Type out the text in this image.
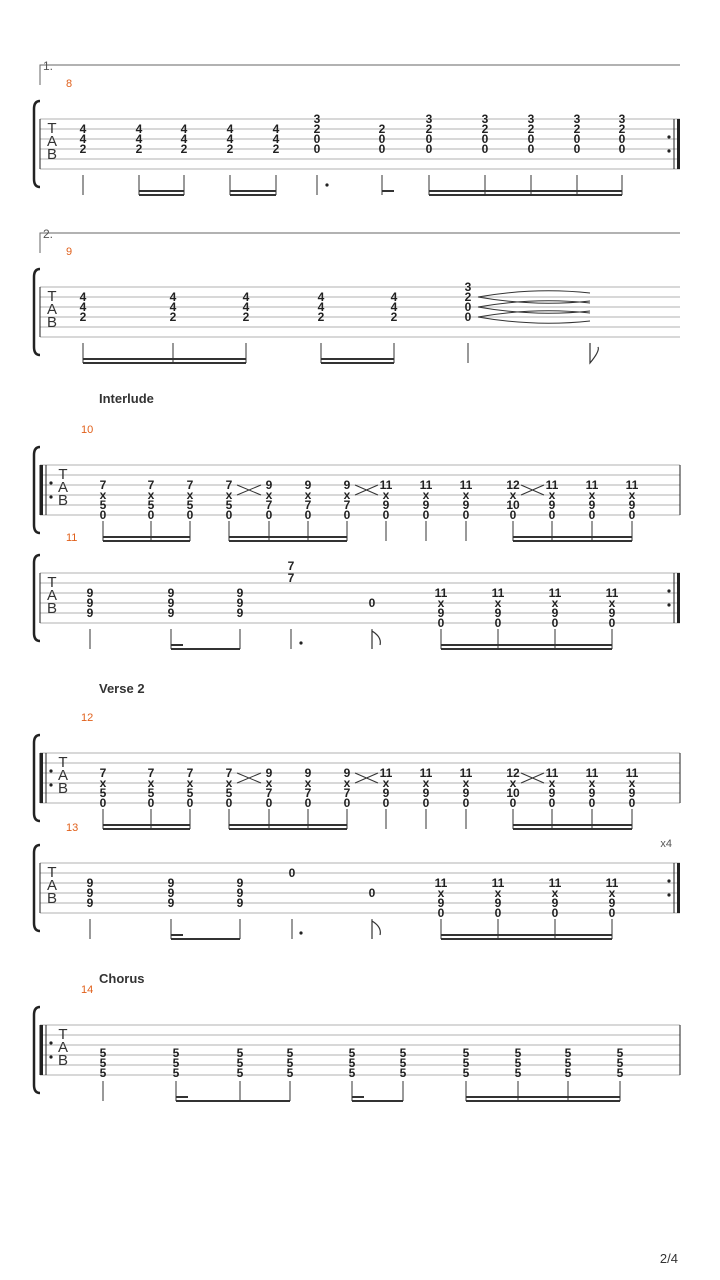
T
A
B
8
1.
4
4
2
4
4
2
4
4
2
4
4
2
4
4
2
3
2
0
0
2
0
0
3
2
0
0
3
2
0
0
3
2
0
0
3
2
0
0
3
2
0
0
T
A
B
9
2.
4
4
2
4
4
2
4
4
2
4
4
2
4
4
2
3
2
0
0
T
A
B
10
Interlude
7
x
5
0
7
x
5
0
7
x
5
0
7
x
5
0
9
x
7
0
9
x
7
0
9
x
7
0
11
x
9
0
11
x
9
0
11
x
9
0
12
x
10
0
11
x
9
0
11
x
9
0
11
x
9
0
T
A
B
11
9
9
9
9
9
9
9
9
9
7
7
0
11
x
9
0
11
x
9
0
11
x
9
0
11
x
9
0
T
A
B
12
Verse 2
7
x
5
0
7
x
5
0
7
x
5
0
7
x
5
0
9
x
7
0
9
x
7
0
9
x
7
0
11
x
9
0
11
x
9
0
11
x
9
0
12
x
10
0
11
x
9
0
11
x
9
0
11
x
9
0
T
A
B
13
x4
9
9
9
9
9
9
9
9
9
0
0
11
x
9
0
11
x
9
0
11
x
9
0
11
x
9
0
T
A
B
14
Chorus
5
5
5
5
5
5
5
5
5
5
5
5
5
5
5
5
5
5
5
5
5
5
5
5
5
5
5
5
5
5
2/4
